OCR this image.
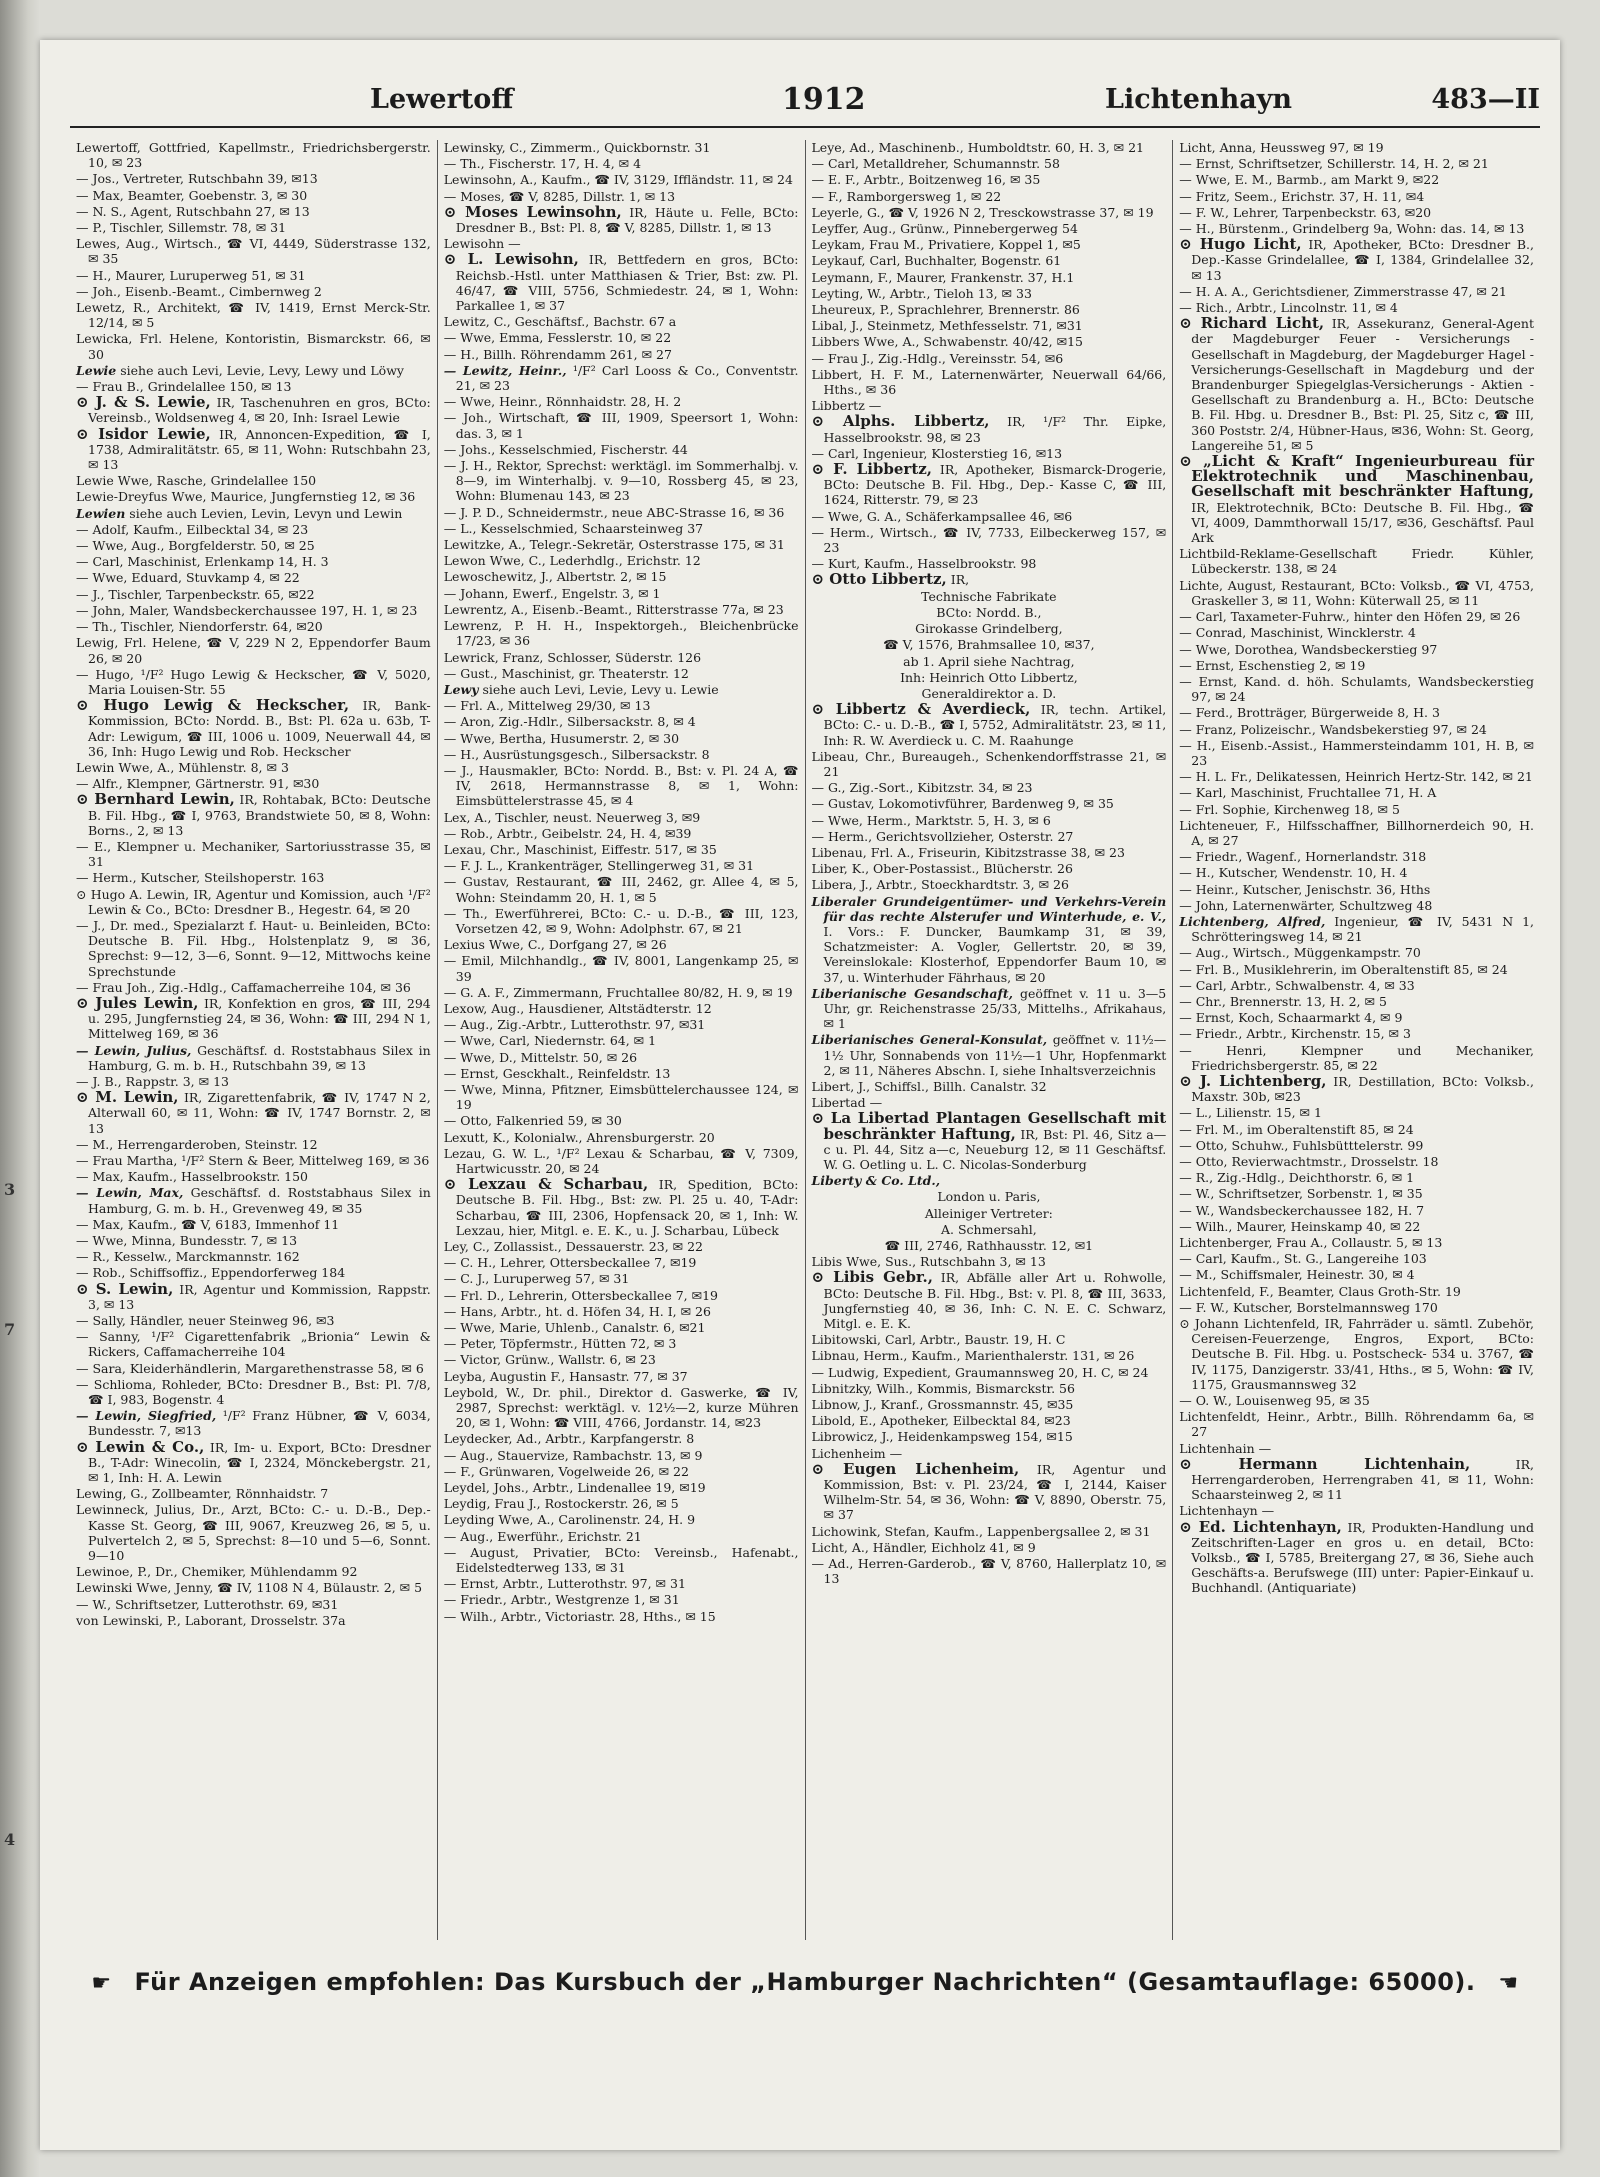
3
7
4
Lewertoff	1912	Lichtenhayn	483—II
Lewertoff, Gottfried, Kapellmstr., Friedrichsbergerstr. 10, ✉ 23
— Jos., Vertreter, Rutschbahn 39, ✉13
— Max, Beamter, Goebenstr. 3, ✉ 30
— N. S., Agent, Rutschbahn 27, ✉ 13
— P., Tischler, Sillemstr. 78, ✉ 31
Lewes, Aug., Wirtsch., ☎ VI, 4449, Süderstrasse 132, ✉ 35
— H., Maurer, Luruperweg 51, ✉ 31
— Joh., Eisenb.-Beamt., Cimbernweg 2
Lewetz, R., Architekt, ☎ IV, 1419, Ernst Merck-Str. 12/14, ✉ 5
Lewicka, Frl. Helene, Kontoristin, Bismarckstr. 66, ✉ 30
Lewie siehe auch Levi, Levie, Levy, Lewy und Löwy
— Frau B., Grindelallee 150, ✉ 13
⊙ J. & S. Lewie, IR, Taschenuhren en gros, BCto: Vereinsb., Woldsenweg 4, ✉ 20, Inh: Israel Lewie
⊙ Isidor Lewie, IR, Annoncen-Expedition, ☎ I, 1738, Admiralitätstr. 65, ✉ 11, Wohn: Rutschbahn 23, ✉ 13
Lewie Wwe, Rasche, Grindelallee 150
Lewie-Dreyfus Wwe, Maurice, Jungfernstieg 12, ✉ 36
Lewien siehe auch Levien, Levin, Levyn und Lewin
— Adolf, Kaufm., Eilbecktal 34, ✉ 23
— Wwe, Aug., Borgfelderstr. 50, ✉ 25
— Carl, Maschinist, Erlenkamp 14, H. 3
— Wwe, Eduard, Stuvkamp 4, ✉ 22
— J., Tischler, Tarpenbeckstr. 65, ✉22
— John, Maler, Wandsbeckerchaussee 197, H. 1, ✉ 23
— Th., Tischler, Niendorferstr. 64, ✉20
Lewig, Frl. Helene, ☎ V, 229 N 2, Eppendorfer Baum 26, ✉ 20
— Hugo, ¹/F² Hugo Lewig & Heckscher, ☎ V, 5020, Maria Louisen-Str. 55
⊙ Hugo Lewig & Heckscher, IR, Bank-Kommission, BCto: Nordd. B., Bst: Pl. 62a u. 63b, T-Adr: Lewigum, ☎ III, 1006 u. 1009, Neuerwall 44, ✉ 36, Inh: Hugo Lewig und Rob. Heckscher
Lewin Wwe, A., Mühlenstr. 8, ✉ 3
— Alfr., Klempner, Gärtnerstr. 91, ✉30
⊙ Bernhard Lewin, IR, Rohtabak, BCto: Deutsche B. Fil. Hbg., ☎ I, 9763, Brandstwiete 50, ✉ 8, Wohn: Borns., 2, ✉ 13
— E., Klempner u. Mechaniker, Sartoriusstrasse 35, ✉ 31
— Herm., Kutscher, Steilshoperstr. 163
⊙ Hugo A. Lewin, IR, Agentur und Komission, auch ¹/F² Lewin & Co., BCto: Dresdner B., Hegestr. 64, ✉ 20
— J., Dr. med., Spezialarzt f. Haut- u. Beinleiden, BCto: Deutsche B. Fil. Hbg., Holstenplatz 9, ✉ 36, Sprechst: 9—12, 3—6, Sonnt. 9—12, Mittwochs keine Sprechstunde
— Frau Joh., Zig.-Hdlg., Caffamacherreihe 104, ✉ 36
⊙ Jules Lewin, IR, Konfektion en gros, ☎ III, 294 u. 295, Jungfernstieg 24, ✉ 36, Wohn: ☎ III, 294 N 1, Mittelweg 169, ✉ 36
— Lewin, Julius, Geschäftsf. d. Roststabhaus Silex in Hamburg, G. m. b. H., Rutschbahn 39, ✉ 13
— J. B., Rappstr. 3, ✉ 13
⊙ M. Lewin, IR, Zigarettenfabrik, ☎ IV, 1747 N 2, Alterwall 60, ✉ 11, Wohn: ☎ IV, 1747 Bornstr. 2, ✉ 13
— M., Herrengarderoben, Steinstr. 12
— Frau Martha, ¹/F² Stern & Beer, Mittelweg 169, ✉ 36
— Max, Kaufm., Hasselbrookstr. 150
— Lewin, Max, Geschäftsf. d. Roststabhaus Silex in Hamburg, G. m. b. H., Grevenweg 49, ✉ 35
— Max, Kaufm., ☎ V, 6183, Immenhof 11
— Wwe, Minna, Bundesstr. 7, ✉ 13
— R., Kesselw., Marckmannstr. 162
— Rob., Schiffsoffiz., Eppendorferweg 184
⊙ S. Lewin, IR, Agentur und Kommission, Rappstr. 3, ✉ 13
— Sally, Händler, neuer Steinweg 96, ✉3
— Sanny, ¹/F² Cigarettenfabrik „Brionia“ Lewin & Rickers, Caffamacherreihe 104
— Sara, Kleiderhändlerin, Margarethenstrasse 58, ✉ 6
— Schlioma, Rohleder, BCto: Dresdner B., Bst: Pl. 7/8, ☎ I, 983, Bogenstr. 4
— Lewin, Siegfried, ¹/F² Franz Hübner, ☎ V, 6034, Bundesstr. 7, ✉13
⊙ Lewin & Co., IR, Im- u. Export, BCto: Dresdner B., T-Adr: Winecolin, ☎ I, 2324, Mönckebergstr. 21, ✉ 1, Inh: H. A. Lewin
Lewing, G., Zollbeamter, Rönnhaidstr. 7
Lewinneck, Julius, Dr., Arzt, BCto: C.- u. D.-B., Dep.-Kasse St. Georg, ☎ III, 9067, Kreuzweg 26, ✉ 5, u. Pulvertelch 2, ✉ 5, Sprechst: 8—10 und 5—6, Sonnt. 9—10
Lewinoe, P., Dr., Chemiker, Mühlendamm 92
Lewinski Wwe, Jenny, ☎ IV, 1108 N 4, Bülaustr. 2, ✉ 5
— W., Schriftsetzer, Lutterothstr. 69, ✉31
von Lewinski, P., Laborant, Drosselstr. 37a
Lewinsky, C., Zimmerm., Quickbornstr. 31
— Th., Fischerstr. 17, H. 4, ✉ 4
Lewinsohn, A., Kaufm., ☎ IV, 3129, Iffländstr. 11, ✉ 24
— Moses, ☎ V, 8285, Dillstr. 1, ✉ 13
⊙ Moses Lewinsohn, IR, Häute u. Felle, BCto: Dresdner B., Bst: Pl. 8, ☎ V, 8285, Dillstr. 1, ✉ 13
Lewisohn —
⊙ L. Lewisohn, IR, Bettfedern en gros, BCto: Reichsb.-Hstl. unter Matthiasen & Trier, Bst: zw. Pl. 46/47, ☎ VIII, 5756, Schmiedestr. 24, ✉ 1, Wohn: Parkallee 1, ✉ 37
Lewitz, C., Geschäftsf., Bachstr. 67 a
— Wwe, Emma, Fesslerstr. 10, ✉ 22
— H., Billh. Röhrendamm 261, ✉ 27
— Lewitz, Heinr., ¹/F² Carl Looss & Co., Conventstr. 21, ✉ 23
— Wwe, Heinr., Rönnhaidstr. 28, H. 2
— Joh., Wirtschaft, ☎ III, 1909, Speersort 1, Wohn: das. 3, ✉ 1
— Johs., Kesselschmied, Fischerstr. 44
— J. H., Rektor, Sprechst: werktägl. im Sommerhalbj. v. 8—9, im Winterhalbj. v. 9—10, Rossberg 45, ✉ 23, Wohn: Blumenau 143, ✉ 23
— J. P. D., Schneidermstr., neue ABC-Strasse 16, ✉ 36
— L., Kesselschmied, Schaarsteinweg 37
Lewitzke, A., Telegr.-Sekretär, Osterstrasse 175, ✉ 31
Lewon Wwe, C., Lederhdlg., Erichstr. 12
Lewoschewitz, J., Albertstr. 2, ✉ 15
— Johann, Ewerf., Engelstr. 3, ✉ 1
Lewrentz, A., Eisenb.-Beamt., Ritterstrasse 77a, ✉ 23
Lewrenz, P. H. H., Inspektorgeh., Bleichenbrücke 17/23, ✉ 36
Lewrick, Franz, Schlosser, Süderstr. 126
— Gust., Maschinist, gr. Theaterstr. 12
Lewy siehe auch Levi, Levie, Levy u. Lewie
— Frl. A., Mittelweg 29/30, ✉ 13
— Aron, Zig.-Hdlr., Silbersackstr. 8, ✉ 4
— Wwe, Bertha, Husumerstr. 2, ✉ 30
— H., Ausrüstungsgesch., Silbersackstr. 8
— J., Hausmakler, BCto: Nordd. B., Bst: v. Pl. 24 A, ☎ IV, 2618, Hermannstrasse 8, ✉ 1, Wohn: Eimsbüttelerstrasse 45, ✉ 4
Lex, A., Tischler, neust. Neuerweg 3, ✉9
— Rob., Arbtr., Geibelstr. 24, H. 4, ✉39
Lexau, Chr., Maschinist, Eiffestr. 517, ✉ 35
— F. J. L., Krankenträger, Stellingerweg 31, ✉ 31
— Gustav, Restaurant, ☎ III, 2462, gr. Allee 4, ✉ 5, Wohn: Steindamm 20, H. 1, ✉ 5
— Th., Ewerführerei, BCto: C.- u. D.-B., ☎ III, 123, Vorsetzen 42, ✉ 9, Wohn: Adolphstr. 67, ✉ 21
Lexius Wwe, C., Dorfgang 27, ✉ 26
— Emil, Milchhandlg., ☎ IV, 8001, Langenkamp 25, ✉ 39
— G. A. F., Zimmermann, Fruchtallee 80/82, H. 9, ✉ 19
Lexow, Aug., Hausdiener, Altstädterstr. 12
— Aug., Zig.-Arbtr., Lutterothstr. 97, ✉31
— Wwe, Carl, Niedernstr. 64, ✉ 1
— Wwe, D., Mittelstr. 50, ✉ 26
— Ernst, Gesckhalt., Reinfeldstr. 13
— Wwe, Minna, Pfitzner, Eimsbüttelerchaussee 124, ✉ 19
— Otto, Falkenried 59, ✉ 30
Lexutt, K., Kolonialw., Ahrensburgerstr. 20
Lezau, G. W. L., ¹/F² Lexau & Scharbau, ☎ V, 7309, Hartwicusstr. 20, ✉ 24
⊙ Lexzau & Scharbau, IR, Spedition, BCto: Deutsche B. Fil. Hbg., Bst: zw. Pl. 25 u. 40, T-Adr: Scharbau, ☎ III, 2306, Hopfensack 20, ✉ 1, Inh: W. Lexzau, hier, Mitgl. e. E. K., u. J. Scharbau, Lübeck
Ley, C., Zollassist., Dessauerstr. 23, ✉ 22
— C. H., Lehrer, Ottersbeckallee 7, ✉19
— C. J., Luruperweg 57, ✉ 31
— Frl. D., Lehrerin, Ottersbeckallee 7, ✉19
— Hans, Arbtr., ht. d. Höfen 34, H. I, ✉ 26
— Wwe, Marie, Uhlenb., Canalstr. 6, ✉21
— Peter, Töpfermstr., Hütten 72, ✉ 3
— Victor, Grünw., Wallstr. 6, ✉ 23
Leyba, Augustin F., Hansastr. 77, ✉ 37
Leybold, W., Dr. phil., Direktor d. Gaswerke, ☎ IV, 2987, Sprechst: werktägl. v. 12½—2, kurze Mühren 20, ✉ 1, Wohn: ☎ VIII, 4766, Jordanstr. 14, ✉23
Leydecker, Ad., Arbtr., Karpfangerstr. 8
— Aug., Stauervize, Rambachstr. 13, ✉ 9
— F., Grünwaren, Vogelweide 26, ✉ 22
Leydel, Johs., Arbtr., Lindenallee 19, ✉19
Leydig, Frau J., Rostockerstr. 26, ✉ 5
Leyding Wwe, A., Carolinenstr. 24, H. 9
— Aug., Ewerführ., Erichstr. 21
— August, Privatier, BCto: Vereinsb., Hafenabt., Eidelstedterweg 133, ✉ 31
— Ernst, Arbtr., Lutterothstr. 97, ✉ 31
— Friedr., Arbtr., Westgrenze 1, ✉ 31
— Wilh., Arbtr., Victoriastr. 28, Hths., ✉ 15
Leye, Ad., Maschinenb., Humboldtstr. 60, H. 3, ✉ 21
— Carl, Metalldreher, Schumannstr. 58
— E. F., Arbtr., Boitzenweg 16, ✉ 35
— F., Ramborgersweg 1, ✉ 22
Leyerle, G., ☎ V, 1926 N 2, Tresckowstrasse 37, ✉ 19
Leyffer, Aug., Grünw., Pinnebergerweg 54
Leykam, Frau M., Privatiere, Koppel 1, ✉5
Leykauf, Carl, Buchhalter, Bogenstr. 61
Leymann, F., Maurer, Frankenstr. 37, H.1
Leyting, W., Arbtr., Tieloh 13, ✉ 33
Lheureux, P., Sprachlehrer, Brennerstr. 86
Libal, J., Steinmetz, Methfesselstr. 71, ✉31
Libbers Wwe, A., Schwabenstr. 40/42, ✉15
— Frau J., Zig.-Hdlg., Vereinsstr. 54, ✉6
Libbert, H. F. M., Laternenwärter, Neuerwall 64/66, Hths., ✉ 36
Libbertz —
⊙ Alphs. Libbertz, IR, ¹/F² Thr. Eipke, Hasselbrookstr. 98, ✉ 23
— Carl, Ingenieur, Klosterstieg 16, ✉13
⊙ F. Libbertz, IR, Apotheker, Bismarck-Drogerie, BCto: Deutsche B. Fil. Hbg., Dep.- Kasse C, ☎ III, 1624, Ritterstr. 79, ✉ 23
— Wwe, G. A., Schäferkampsallee 46, ✉6
— Herm., Wirtsch., ☎ IV, 7733, Eilbeckerweg 157, ✉ 23
— Kurt, Kaufm., Hasselbrookstr. 98
⊙ Otto Libbertz, IR,
Technische Fabrikate
BCto: Nordd. B.,
Girokasse Grindelberg,
☎ V, 1576, Brahmsallee 10, ✉37,
ab 1. April siehe Nachtrag,
Inh: Heinrich Otto Libbertz,
Generaldirektor a. D.
⊙ Libbertz & Averdieck, IR, techn. Artikel, BCto: C.- u. D.-B., ☎ I, 5752, Admiralitätstr. 23, ✉ 11, Inh: R. W. Averdieck u. C. M. Raahunge
Libeau, Chr., Bureaugeh., Schenkendorffstrasse 21, ✉ 21
— G., Zig.-Sort., Kibitzstr. 34, ✉ 23
— Gustav, Lokomotivführer, Bardenweg 9, ✉ 35
— Wwe, Herm., Marktstr. 5, H. 3, ✉ 6
— Herm., Gerichtsvollzieher, Osterstr. 27
Libenau, Frl. A., Friseurin, Kibitzstrasse 38, ✉ 23
Liber, K., Ober-Postassist., Blücherstr. 26
Libera, J., Arbtr., Stoeckhardtstr. 3, ✉ 26
Liberaler Grundeigentümer- und Verkehrs-Verein für das rechte Alsterufer und Winterhude, e. V., I. Vors.: F. Duncker, Baumkamp 31, ✉ 39, Schatzmeister: A. Vogler, Gellertstr. 20, ✉ 39, Vereinslokale: Klosterhof, Eppendorfer Baum 10, ✉ 37, u. Winterhuder Fährhaus, ✉ 20
Liberianische Gesandschaft, geöffnet v. 11 u. 3—5 Uhr, gr. Reichenstrasse 25/33, Mittelhs., Afrikahaus, ✉ 1
Liberianisches General-Konsulat, geöffnet v. 11½—1½ Uhr, Sonnabends von 11½—1 Uhr, Hopfenmarkt 2, ✉ 11, Näheres Abschn. I, siehe Inhaltsverzeichnis
Libert, J., Schiffsl., Billh. Canalstr. 32
Libertad —
⊙ La Libertad Plantagen Gesellschaft mit beschränkter Haftung, IR, Bst: Pl. 46, Sitz a—c u. Pl. 44, Sitz a—c, Neueburg 12, ✉ 11 Geschäftsf. W. G. Oetling u. L. C. Nicolas-Sonderburg
Liberty & Co. Ltd.,
London u. Paris,
Alleiniger Vertreter:
A. Schmersahl,
☎ III, 2746, Rathhausstr. 12, ✉1
Libis Wwe, Sus., Rutschbahn 3, ✉ 13
⊙ Libis Gebr., IR, Abfälle aller Art u. Rohwolle, BCto: Deutsche B. Fil. Hbg., Bst: v. Pl. 8, ☎ III, 3633, Jungfernstieg 40, ✉ 36, Inh: C. N. E. C. Schwarz, Mitgl. e. E. K.
Libitowski, Carl, Arbtr., Baustr. 19, H. C
Libnau, Herm., Kaufm., Marienthalerstr. 131, ✉ 26
— Ludwig, Expedient, Graumannsweg 20, H. C, ✉ 24
Libnitzky, Wilh., Kommis, Bismarckstr. 56
Libnow, J., Kranf., Grossmannstr. 45, ✉35
Libold, E., Apotheker, Eilbecktal 84, ✉23
Librowicz, J., Heidenkampsweg 154, ✉15
Lichenheim —
⊙ Eugen Lichenheim, IR, Agentur und Kommission, Bst: v. Pl. 23/24, ☎ I, 2144, Kaiser Wilhelm-Str. 54, ✉ 36, Wohn: ☎ V, 8890, Oberstr. 75, ✉ 37
Lichowink, Stefan, Kaufm., Lappenbergsallee 2, ✉ 31
Licht, A., Händler, Eichholz 41, ✉ 9
— Ad., Herren-Garderob., ☎ V, 8760, Hallerplatz 10, ✉ 13
Licht, Anna, Heussweg 97, ✉ 19
— Ernst, Schriftsetzer, Schillerstr. 14, H. 2, ✉ 21
— Wwe, E. M., Barmb., am Markt 9, ✉22
— Fritz, Seem., Erichstr. 37, H. 11, ✉4
— F. W., Lehrer, Tarpenbeckstr. 63, ✉20
— H., Bürstenm., Grindelberg 9a, Wohn: das. 14, ✉ 13
⊙ Hugo Licht, IR, Apotheker, BCto: Dresdner B., Dep.-Kasse Grindelallee, ☎ I, 1384, Grindelallee 32, ✉ 13
— H. A. A., Gerichtsdiener, Zimmerstrasse 47, ✉ 21
— Rich., Arbtr., Lincolnstr. 11, ✉ 4
⊙ Richard Licht, IR, Assekuranz, General-Agent der Magdeburger Feuer - Versicherungs - Gesellschaft in Magdeburg, der Magdeburger Hagel - Versicherungs-Gesellschaft in Magdeburg und der Brandenburger Spiegelglas-Versicherungs - Aktien - Gesellschaft zu Brandenburg a. H., BCto: Deutsche B. Fil. Hbg. u. Dresdner B., Bst: Pl. 25, Sitz c, ☎ III, 360 Poststr. 2/4, Hübner-Haus, ✉36, Wohn: St. Georg, Langereihe 51, ✉ 5
⊙ „Licht & Kraft“ Ingenieurbureau für Elektrotechnik und Maschinenbau, Gesellschaft mit beschränkter Haftung, IR, Elektrotechnik, BCto: Deutsche B. Fil. Hbg., ☎ VI, 4009, Dammthorwall 15/17, ✉36, Geschäftsf. Paul Ark
Lichtbild-Reklame-Gesellschaft Friedr. Kühler, Lübeckerstr. 138, ✉ 24
Lichte, August, Restaurant, BCto: Volksb., ☎ VI, 4753, Graskeller 3, ✉ 11, Wohn: Küterwall 25, ✉ 11
— Carl, Taxameter-Fuhrw., hinter den Höfen 29, ✉ 26
— Conrad, Maschinist, Wincklerstr. 4
— Wwe, Dorothea, Wandsbeckerstieg 97
— Ernst, Eschenstieg 2, ✉ 19
— Ernst, Kand. d. höh. Schulamts, Wandsbeckerstieg 97, ✉ 24
— Ferd., Brotträger, Bürgerweide 8, H. 3
— Franz, Polizeischr., Wandsbekerstieg 97, ✉ 24
— H., Eisenb.-Assist., Hammersteindamm 101, H. B, ✉ 23
— H. L. Fr., Delikatessen, Heinrich Hertz-Str. 142, ✉ 21
— Karl, Maschinist, Fruchtallee 71, H. A
— Frl. Sophie, Kirchenweg 18, ✉ 5
Lichteneuer, F., Hilfsschaffner, Billhornerdeich 90, H. A, ✉ 27
— Friedr., Wagenf., Hornerlandstr. 318
— H., Kutscher, Wendenstr. 10, H. 4
— Heinr., Kutscher, Jenischstr. 36, Hths
— John, Laternenwärter, Schultzweg 48
Lichtenberg, Alfred, Ingenieur, ☎ IV, 5431 N 1, Schrötteringsweg 14, ✉ 21
— Aug., Wirtsch., Müggenkampstr. 70
— Frl. B., Musiklehrerin, im Oberaltenstift 85, ✉ 24
— Carl, Arbtr., Schwalbenstr. 4, ✉ 33
— Chr., Brennerstr. 13, H. 2, ✉ 5
— Ernst, Koch, Schaarmarkt 4, ✉ 9
— Friedr., Arbtr., Kirchenstr. 15, ✉ 3
— Henri,	Klempner und Mechaniker, Friedrichsbergerstr. 85, ✉ 22
⊙ J. Lichtenberg, IR, Destillation, BCto: Volksb., Maxstr. 30b, ✉23
— L., Lilienstr. 15, ✉ 1
— Frl. M., im Oberaltenstift 85, ✉ 24
— Otto, Schuhw., Fuhlsbütttelerstr. 99
— Otto, Revierwachtmstr., Drosselstr. 18
— R., Zig.-Hdlg., Deichthorstr. 6, ✉ 1
— W., Schriftsetzer, Sorbenstr. 1, ✉ 35
— W., Wandsbeckerchaussee 182, H. 7
— Wilh., Maurer, Heinskamp 40, ✉ 22
Lichtenberger, Frau A., Collaustr. 5, ✉ 13
— Carl, Kaufm., St. G., Langereihe 103
— M., Schiffsmaler, Heinestr. 30, ✉ 4
Lichtenfeld, F., Beamter, Claus Groth-Str. 19
— F. W., Kutscher, Borstelmannsweg 170
⊙ Johann Lichtenfeld, IR, Fahrräder u. sämtl. Zubehör, Cereisen-Feuerzenge, Engros, Export, BCto: Deutsche B. Fil. Hbg. u. Postscheck- 534 u. 3767, ☎ IV, 1175, Danzigerstr. 33/41, Hths., ✉ 5, Wohn: ☎ IV, 1175, Grausmannsweg 32
— O. W., Louisenweg 95, ✉ 35
Lichtenfeldt, Heinr., Arbtr., Billh. Röhrendamm 6a, ✉ 27
Lichtenhain —
⊙ Hermann Lichtenhain,	IR, Herrengarderoben, Herrengraben 41, ✉ 11, Wohn: Schaarsteinweg 2, ✉ 11
Lichtenhayn —
⊙ Ed. Lichtenhayn, IR, Produkten-Handlung und Zeitschriften-Lager en gros u. en detail, BCto: Volksb., ☎ I, 5785, Breitergang 27, ✉ 36, Siehe auch Geschäfts-a. Berufswege (III) unter: Papier-Einkauf u. Buchhandl. (Antiquariate)
☛ Für Anzeigen empfohlen: Das Kursbuch der „Hamburger Nachrichten“ (Gesamtauflage: 65000). ☚
